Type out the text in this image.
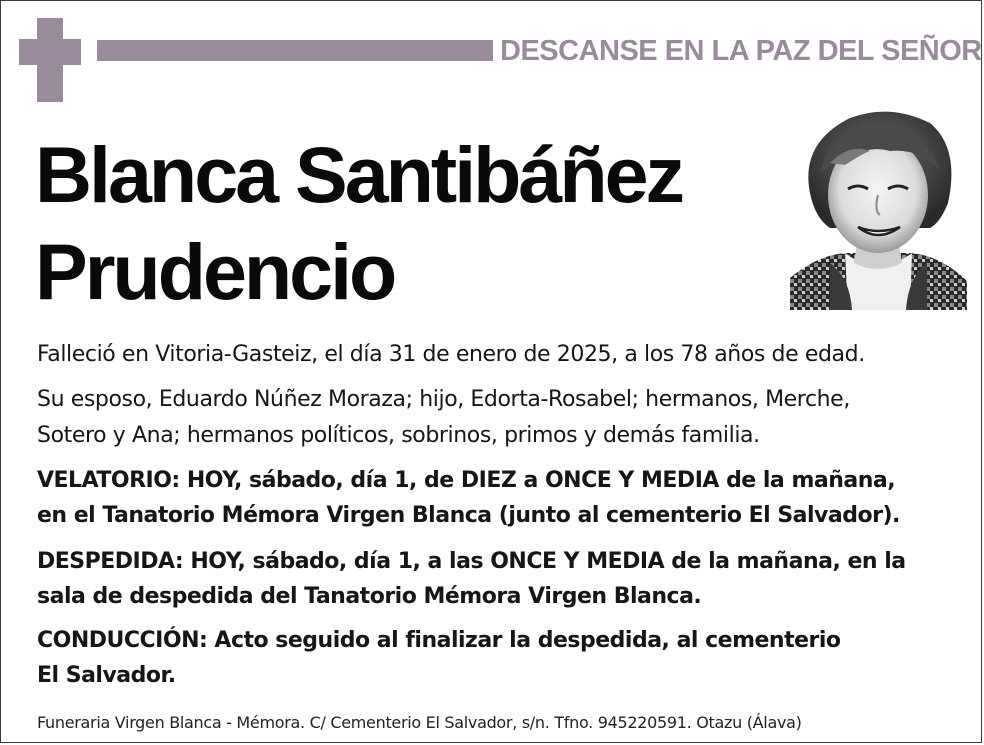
DESCANSE EN LA PAZ DEL SEÑOR
Blanca Santibáñez
Prudencio
Falleció en Vitoria-Gasteiz, el día 31 de enero de 2025, a los 78 años de edad.
Su esposo, Eduardo Núñez Moraza; hijo, Edorta-Rosabel; hermanos, Merche,
Sotero y Ana; hermanos políticos, sobrinos, primos y demás familia.
VELATORIO: HOY, sábado, día 1, de DIEZ a ONCE Y MEDIA de la mañana,
en el Tanatorio Mémora Virgen Blanca (junto al cementerio El Salvador).
DESPEDIDA: HOY, sábado, día 1, a las ONCE Y MEDIA de la mañana, en la
sala de despedida del Tanatorio Mémora Virgen Blanca.
CONDUCCIÓN: Acto seguido al finalizar la despedida, al cementerio
El Salvador.
Funeraria Virgen Blanca - Mémora. C/ Cementerio El Salvador, s/n. Tfno. 945220591. Otazu (Álava)
